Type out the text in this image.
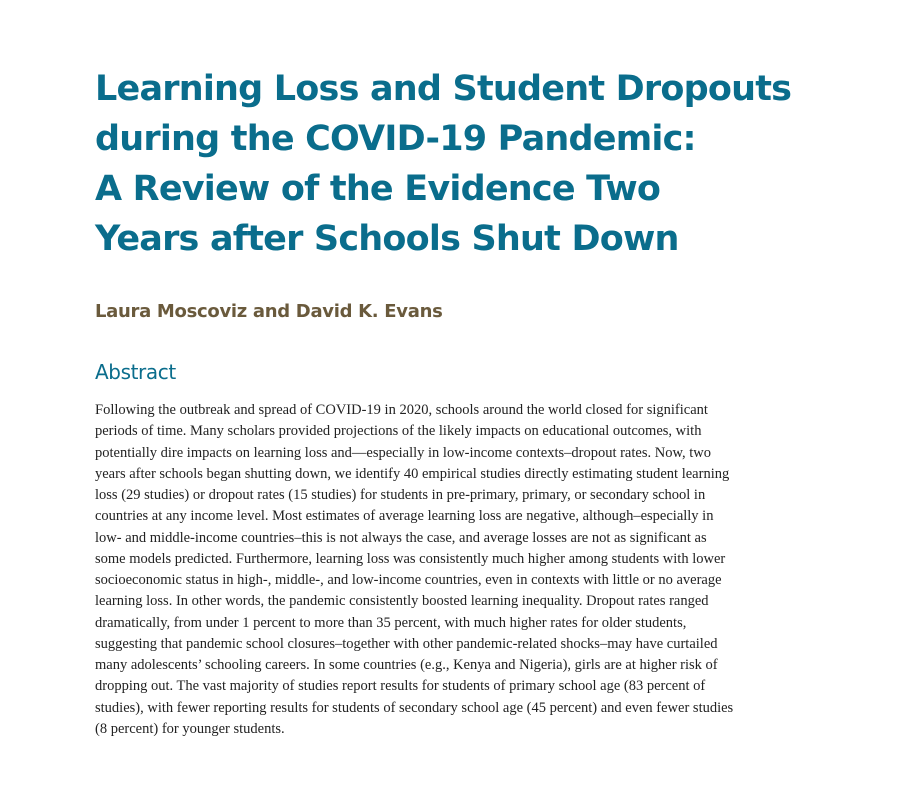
Learning Loss and Student Dropouts
during the COVID-19 Pandemic:
A Review of the Evidence Two
Years after Schools Shut Down

Laura Moscoviz and David K. Evans

Abstract
Following the outbreak and spread of COVID-19 in 2020, schools around the world closed for significant
periods of time. Many scholars provided projections of the likely impacts on educational outcomes, with
potentially dire impacts on learning loss and—especially in low-income contexts–dropout rates. Now, two
years after schools began shutting down, we identify 40 empirical studies directly estimating student learning
loss (29 studies) or dropout rates (15 studies) for students in pre-primary, primary, or secondary school in
countries at any income level. Most estimates of average learning loss are negative, although–especially in
low- and middle-income countries–this is not always the case, and average losses are not as significant as
some models predicted. Furthermore, learning loss was consistently much higher among students with lower
socioeconomic status in high-, middle-, and low-income countries, even in contexts with little or no average
learning loss. In other words, the pandemic consistently boosted learning inequality. Dropout rates ranged
dramatically, from under 1 percent to more than 35 percent, with much higher rates for older students,
suggesting that pandemic school closures–together with other pandemic-related shocks–may have curtailed
many adolescents’ schooling careers. In some countries (e.g., Kenya and Nigeria), girls are at higher risk of
dropping out. The vast majority of studies report results for students of primary school age (83 percent of
studies), with fewer reporting results for students of secondary school age (45 percent) and even fewer studies
(8 percent) for younger students.
